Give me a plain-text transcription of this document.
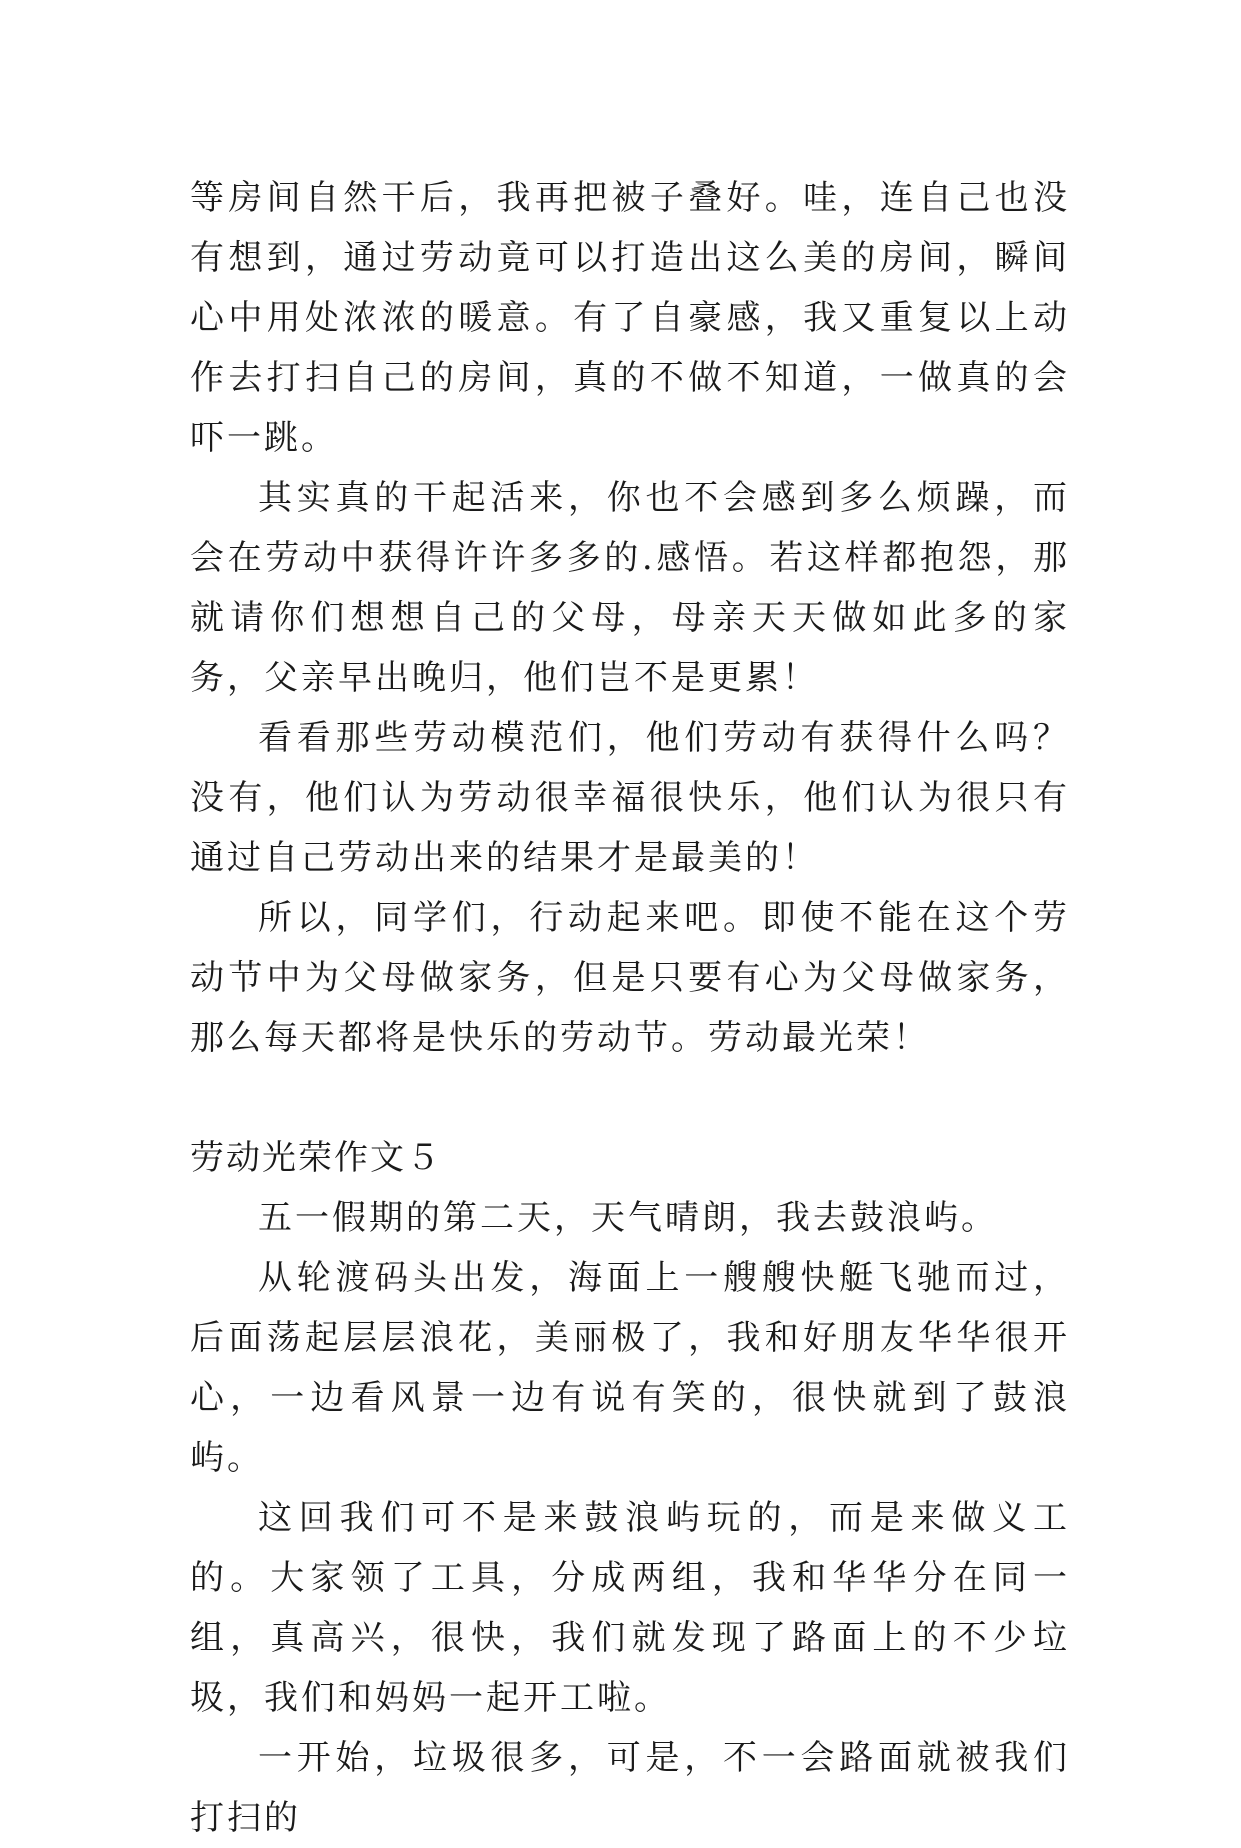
等房间自然干后，我再把被子叠好。哇，连自己也没有想到，通过劳动竟可以打造出这么美的房间，瞬间心中用处浓浓的暖意。有了自豪感，我又重复以上动作去打扫自己的房间，真的不做不知道，一做真的会吓一跳。

其实真的干起活来，你也不会感到多么烦躁，而会在劳动中获得许许多多的.感悟。若这样都抱怨，那就请你们想想自己的父母，母亲天天做如此多的家务，父亲早出晚归，他们岂不是更累！

看看那些劳动模范们，他们劳动有获得什么吗？没有，他们认为劳动很幸福很快乐，他们认为很只有通过自己劳动出来的结果才是最美的！

所以，同学们，行动起来吧。即使不能在这个劳动节中为父母做家务，但是只要有心为父母做家务，那么每天都将是快乐的劳动节。劳动最光荣！

劳动光荣作文５

五一假期的第二天，天气晴朗，我去鼓浪屿。

从轮渡码头出发，海面上一艘艘快艇飞驰而过，后面荡起层层浪花，美丽极了，我和好朋友华华很开心，一边看风景一边有说有笑的，很快就到了鼓浪屿。

这回我们可不是来鼓浪屿玩的，而是来做义工的。大家领了工具，分成两组，我和华华分在同一组，真高兴，很快，我们就发现了路面上的不少垃圾，我们和妈妈一起开工啦。

一开始，垃圾很多，可是，不一会路面就被我们打扫的
